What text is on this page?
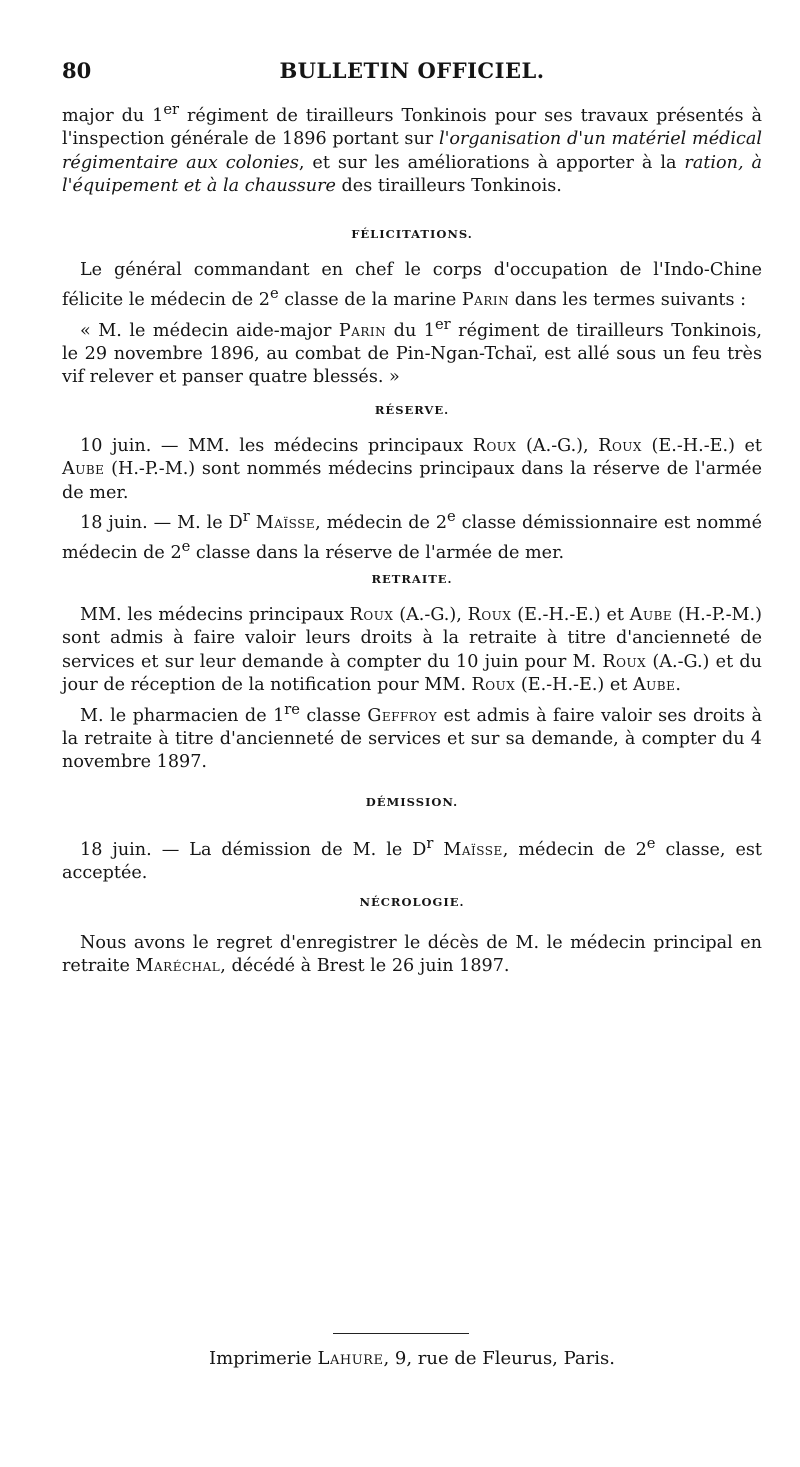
80	BULLETIN OFFICIEL.

major du 1er régiment de tirailleurs Tonkinois pour ses travaux présentés à l'inspection générale de 1896 portant sur l'organisation d'un matériel médical régimentaire aux colonies, et sur les améliorations à apporter à la ration, à l'équipement et à la chaussure des tirailleurs Tonkinois.

FÉLICITATIONS.

Le général commandant en chef le corps d'occupation de l'Indo-Chine félicite le médecin de 2e classe de la marine Parin dans les termes suivants :

« M. le médecin aide-major Parin du 1er régiment de tirailleurs Tonkinois, le 29 novembre 1896, au combat de Pin-Ngan-Tchaï, est allé sous un feu très vif relever et panser quatre blessés. »

RÉSERVE.

10 juin. — MM. les médecins principaux Roux (A.-G.), Roux (E.-H.-E.) et Aube (H.-P.-M.) sont nommés médecins principaux dans la réserve de l'armée de mer.

18 juin. — M. le $D^r$ Maïsse, médecin de 2e classe démissionnaire est nommé médecin de 2e classe dans la réserve de l'armée de mer.

RETRAITE.

MM. les médecins principaux Roux (A.-G.), Roux (E.-H.-E.) et Aube (H.-P.-M.) sont admis à faire valoir leurs droits à la retraite à titre d'ancienneté de services et sur leur demande à compter du 10 juin pour M. Roux (A.-G.) et du jour de réception de la notification pour MM. Roux (E.-H.-E.) et Aube.

M. le pharmacien de 1re classe Geffroy est admis à faire valoir ses droits à la retraite à titre d'ancienneté de services et sur sa demande, à compter du 4 novembre 1897.

DÉMISSION.

18 juin. — La démission de M. le $D^r$ Maïsse, médecin de 2e classe, est acceptée.

NÉCROLOGIE.

Nous avons le regret d'enregistrer le décès de M. le médecin principal en retraite Maréchal, décédé à Brest le 26 juin 1897.

Imprimerie Lahure, 9, rue de Fleurus, Paris.
